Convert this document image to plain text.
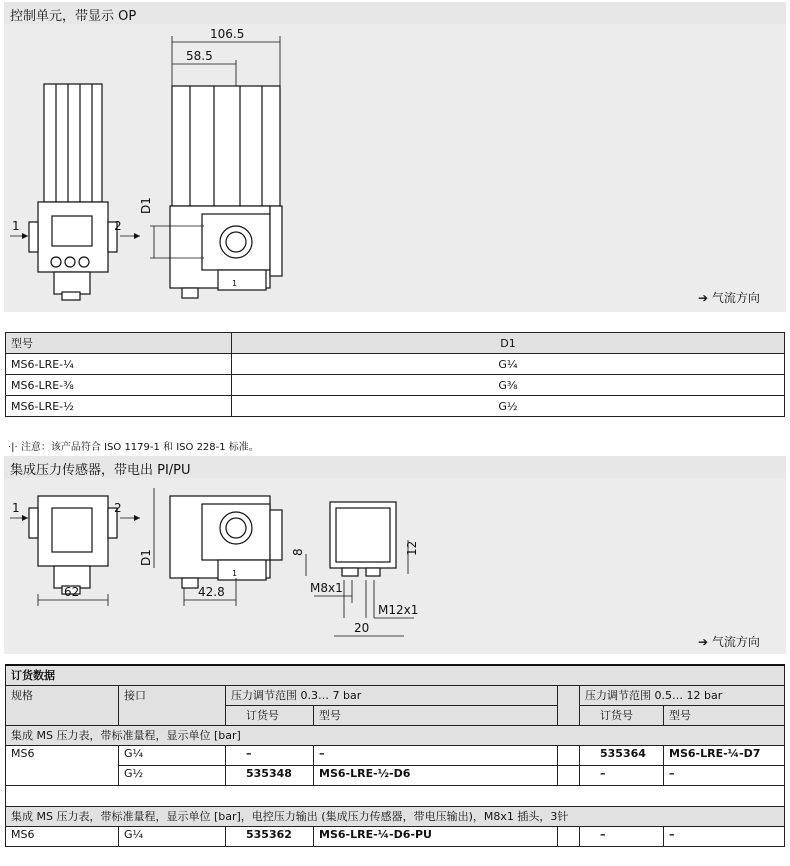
控制单元，带显示 OP
106.5
58.5
D1
1	2
1
➔ 气流方向
型号	D1
MS6-LRE-¼	G¼
MS6-LRE-⅜	G⅜
MS6-LRE-½	G½
⋅|⋅ 注意：该产品符合 ISO 1179-1 和 ISO 228-1 标准。
集成压力传感器，带电出 PI/PU
1	2
62	42.8
D1	8	12
M8x1
M12x1
20
1
➔ 气流方向
订货数据						
规格	接口	压力调节范围 0.3… 7 bar			压力调节范围 0.5… 12 bar	
		订货号	型号		订货号	型号
集成 MS 压力表，带标准量程，显示单位 [bar]						
MS6	G¼	–	–		535364	MS6-LRE-¼-D7
	G½	535348	MS6-LRE-½-D6		–	–

集成 MS 压力表，带标准量程，显示单位 [bar]，电控压力输出 (集成压力传感器，带电压输出)，M8x1 插头，3针						
MS6	G¼	535362	MS6-LRE-¼-D6-PU		–	–
